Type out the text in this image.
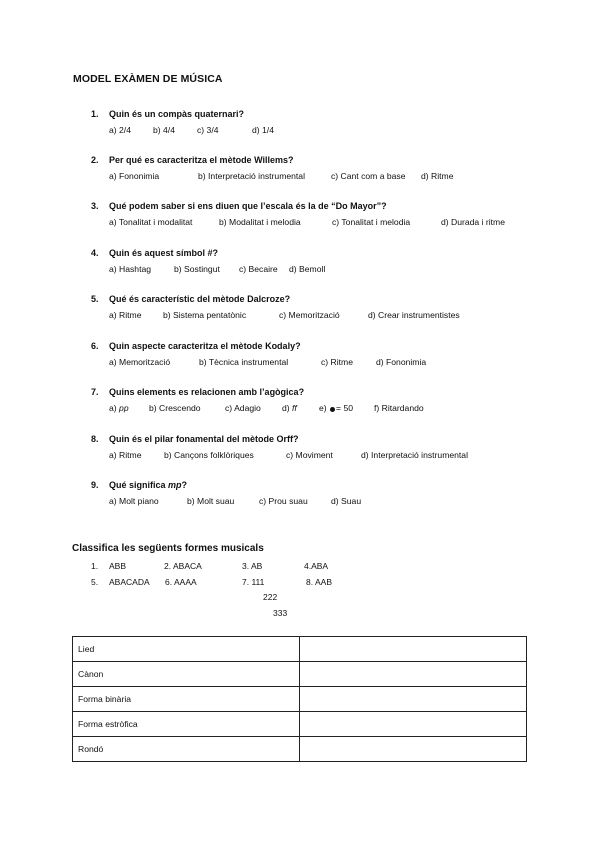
MODEL EXÀMEN DE MÚSICA
1. Quin és un compàs quaternari?
a) 2/4	b) 4/4	c) 3/4	d) 1/4
2. Per qué es caracteritza el mètode Willems?
a) Fononimia	b) Interpretació instrumental	c) Cant com a base d) Ritme
3. Qué podem saber si ens diuen que l’escala és la de “Do Mayor”?
a) Tonalitat i modalitat	b) Modalitat i melodia	c) Tonalitat i melodia	d) Durada i ritme
4. Quin és aquest símbol #?
a) Hashtag	b) Sostingut c) Becaire d) Bemoll
5. Qué és característic del mètode Dalcroze?
a) Ritme	b) Sistema pentatònic	c) Memorització	d) Crear instrumentistes
6. Quin aspecte caracteritza el mètode Kodaly?
a) Memorització	b) Tècnica instrumental	c) Ritme	d) Fononimia
7. Quins elements es relacionen amb l’agògica?
a) pp b) Crescendo	c) Adagio d) ff	e) = 50 f) Ritardando
8. Quin és el pilar fonamental del mètode Orff?
a) Ritme	b) Cançons folklòriques	c) Moviment	d) Interpretació instrumental
9. Qué significa mp?
a) Molt piano	b) Molt suau	c) Prou suau	d) Suau
Classifica les següents formes musicals
1. ABB	2. ABACA	3. AB	4.ABA
5. ABACADA 6. AAAA	7. 111	8. AAB
222
333
Lied	
Cànon	
Forma binària	
Forma estròfica	
Rondó	
